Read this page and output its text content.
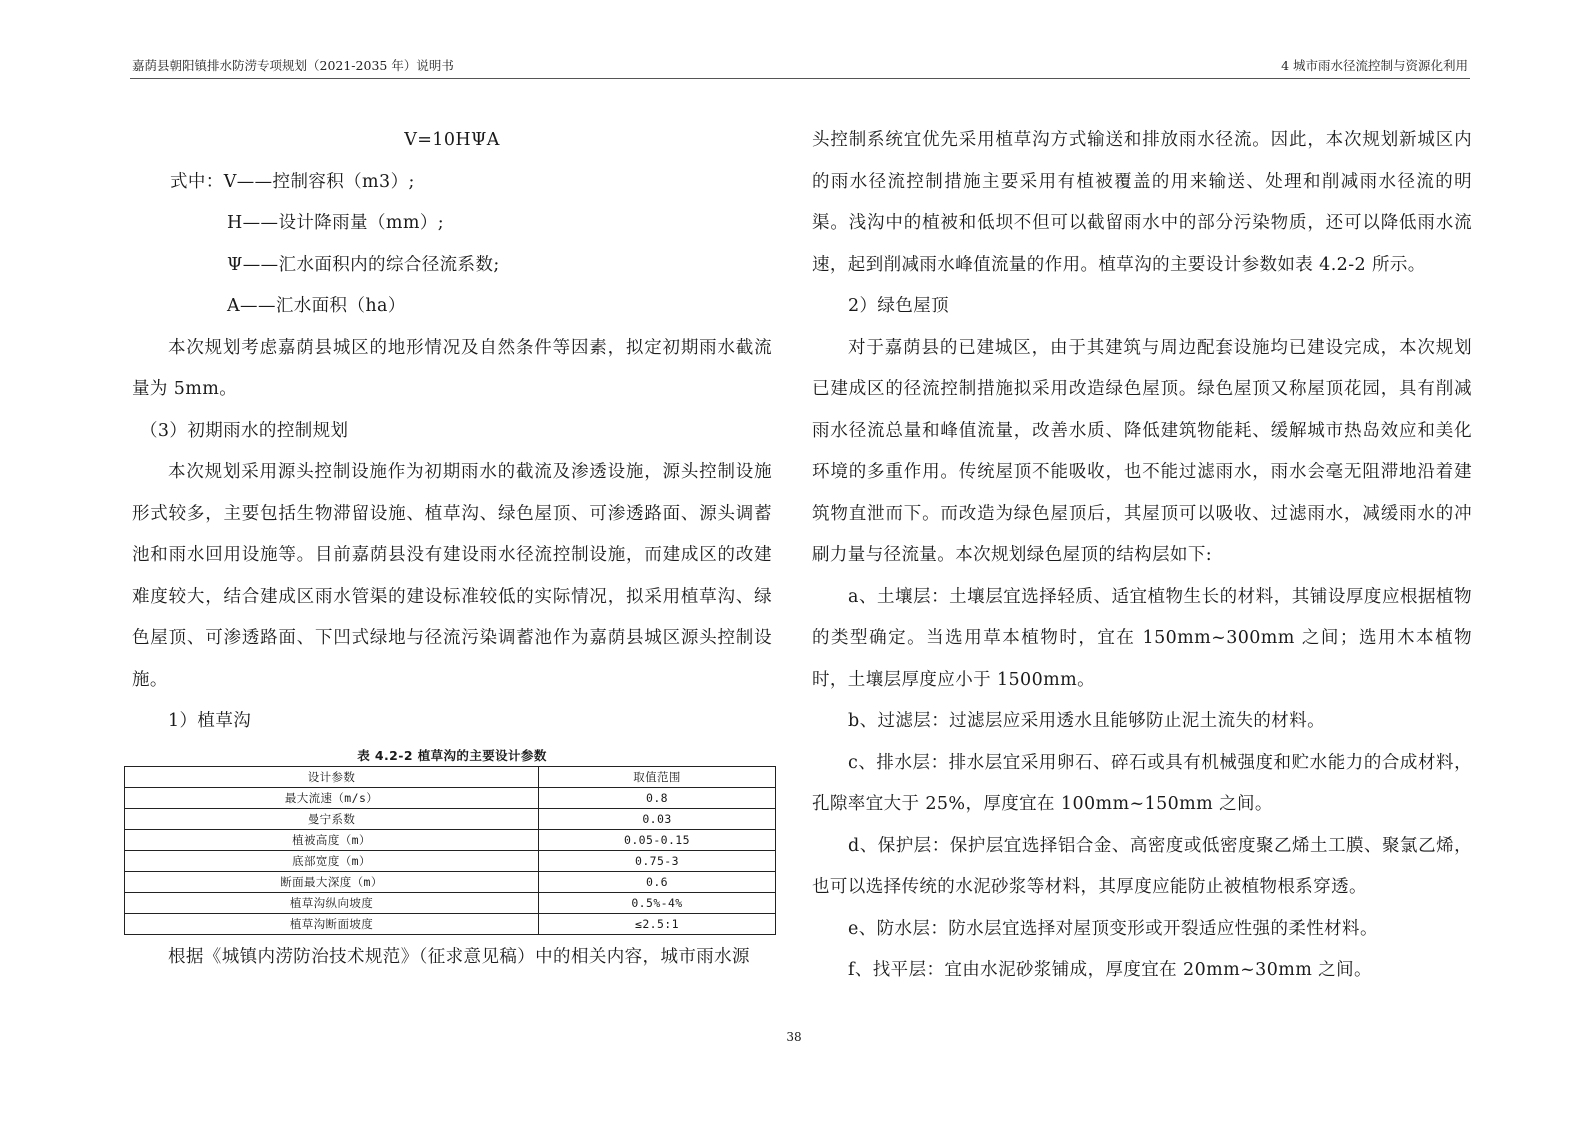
嘉荫县朝阳镇排水防涝专项规划（2021-2035 年）说明书	4 城市雨水径流控制与资源化利用

V=10HΨA

式中：V——控制容积（m3）;

H——设计降雨量（mm）;

Ψ——汇水面积内的综合径流系数;

A——汇水面积（ha）

本次规划考虑嘉荫县城区的地形情况及自然条件等因素，拟定初期雨水截流量为 5mm。

（3）初期雨水的控制规划

本次规划采用源头控制设施作为初期雨水的截流及渗透设施，源头控制设施形式较多，主要包括生物滞留设施、植草沟、绿色屋顶、可渗透路面、源头调蓄池和雨水回用设施等。目前嘉荫县没有建设雨水径流控制设施，而建成区的改建难度较大，结合建成区雨水管渠的建设标准较低的实际情况，拟采用植草沟、绿色屋顶、可渗透路面、下凹式绿地与径流污染调蓄池作为嘉荫县城区源头控制设施。

1）植草沟

表 4.2-2 植草沟的主要设计参数
设计参数	取值范围
最大流速（m/s）	0.8
曼宁系数	0.03
植被高度（m）	0.05-0.15
底部宽度（m）	0.75-3
断面最大深度（m）	0.6
植草沟纵向坡度	0.5%-4%
植草沟断面坡度	≤2.5:1

根据《城镇内涝防治技术规范》（征求意见稿）中的相关内容，城市雨水源

头控制系统宜优先采用植草沟方式输送和排放雨水径流。因此，本次规划新城区内的雨水径流控制措施主要采用有植被覆盖的用来输送、处理和削减雨水径流的明渠。浅沟中的植被和低坝不但可以截留雨水中的部分污染物质，还可以降低雨水流速，起到削减雨水峰值流量的作用。植草沟的主要设计参数如表 4.2-2 所示。

2）绿色屋顶

对于嘉荫县的已建城区，由于其建筑与周边配套设施均已建设完成，本次规划已建成区的径流控制措施拟采用改造绿色屋顶。绿色屋顶又称屋顶花园，具有削减雨水径流总量和峰值流量，改善水质、降低建筑物能耗、缓解城市热岛效应和美化环境的多重作用。传统屋顶不能吸收，也不能过滤雨水，雨水会毫无阻滞地沿着建筑物直泄而下。而改造为绿色屋顶后，其屋顶可以吸收、过滤雨水，减缓雨水的冲刷力量与径流量。本次规划绿色屋顶的结构层如下:

a、土壤层：土壤层宜选择轻质、适宜植物生长的材料，其铺设厚度应根据植物的类型确定。当选用草本植物时，宜在 150mm~300mm 之间；选用木本植物时，土壤层厚度应小于 1500mm。

b、过滤层：过滤层应采用透水且能够防止泥土流失的材料。

c、排水层：排水层宜采用卵石、碎石或具有机械强度和贮水能力的合成材料，孔隙率宜大于 25%，厚度宜在 100mm~150mm 之间。

d、保护层：保护层宜选择铝合金、高密度或低密度聚乙烯土工膜、聚氯乙烯，也可以选择传统的水泥砂浆等材料，其厚度应能防止被植物根系穿透。

e、防水层：防水层宜选择对屋顶变形或开裂适应性强的柔性材料。

f、找平层：宜由水泥砂浆铺成，厚度宜在 20mm~30mm 之间。

38
